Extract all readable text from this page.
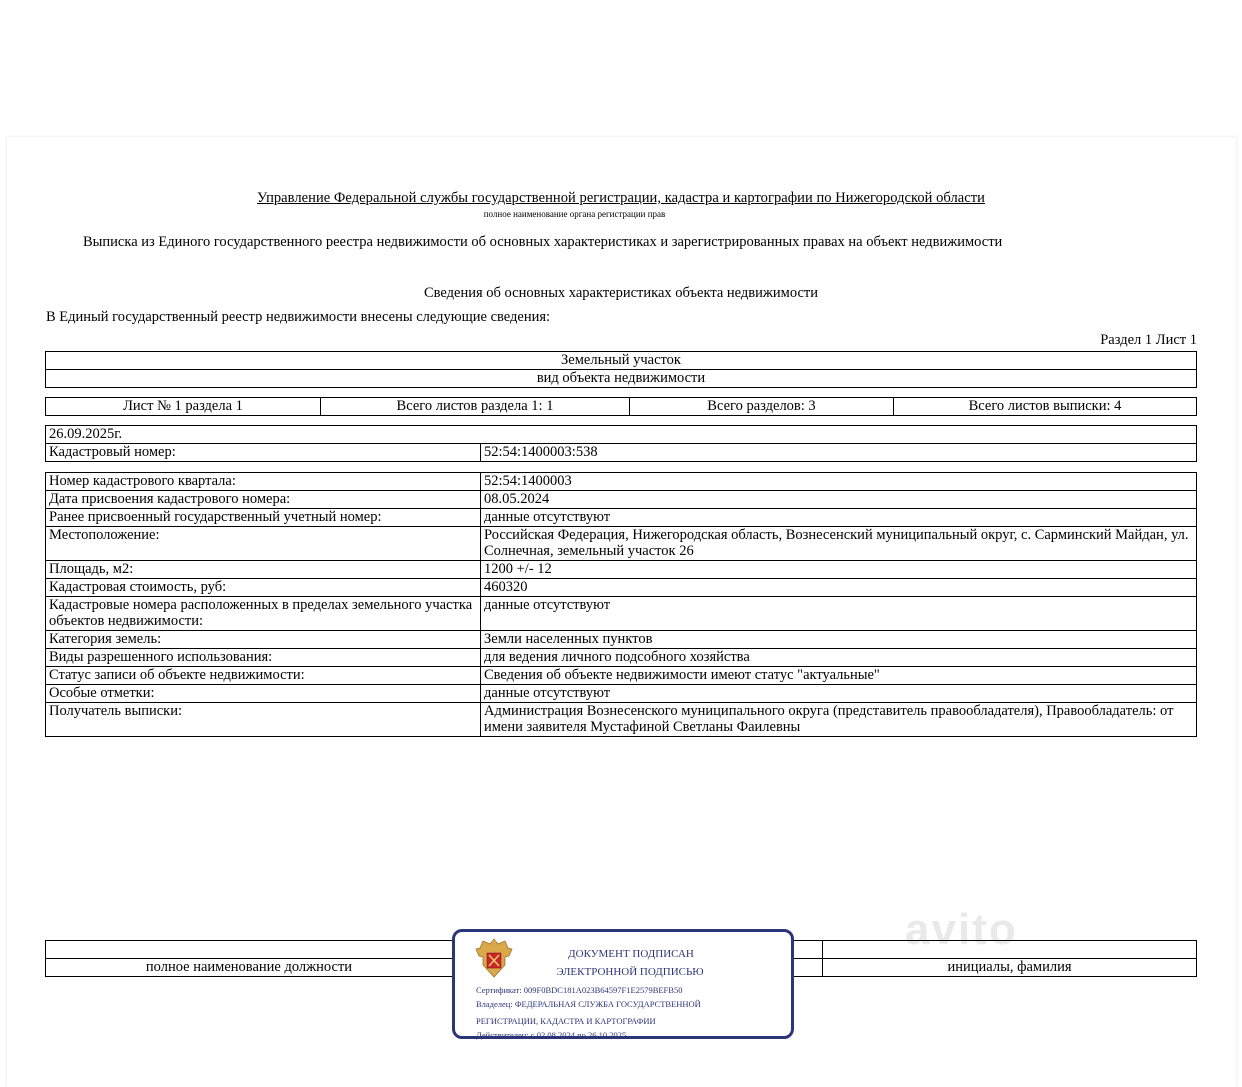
Управление Федеральной службы государственной регистрации, кадастра и картографии по Нижегородской области
полное наименование органа регистрации прав
Выписка из Единого государственного реестра недвижимости об основных характеристиках и зарегистрированных правах на объект недвижимости
Сведения об основных характеристиках объекта недвижимости
В Единый государственный реестр недвижимости внесены следующие сведения:
Раздел 1 Лист 1
Земельный участок
вид объекта недвижимости
Лист № 1 раздела 1	Всего листов раздела 1: 1	Всего разделов: 3	Всего листов выписки: 4
26.09.2025г.
Кадастровый номер:	52:54:1400003:538
Номер кадастрового квартала:	52:54:1400003
Дата присвоения кадастрового номера:	08.05.2024
Ранее присвоенный государственный учетный номер:	данные отсутствуют
Местоположение:	Российская Федерация, Нижегородская область, Вознесенский муниципальный округ, с. Сарминский Майдан, ул. Солнечная, земельный участок 26
Площадь, м2:	1200 +/- 12
Кадастровая стоимость, руб:	460320
Кадастровые номера расположенных в пределах земельного участка объектов недвижимости:	данные отсутствуют
Категория земель:	Земли населенных пунктов
Виды разрешенного использования:	для ведения личного подсобного хозяйства
Статус записи об объекте недвижимости:	Сведения об объекте недвижимости имеют статус "актуальные"
Особые отметки:	данные отсутствуют
Получатель выписки:	Администрация Вознесенского муниципального округа (представитель правообладателя), Правообладатель: от имени заявителя Мустафиной Светланы Фаилевны
avito

полное наименование должности		инициалы, фамилия
ДОКУМЕНТ ПОДПИСАН
ЭЛЕКТРОННОЙ ПОДПИСЬЮ
Сертификат: 009F0BDC181A023B64597F1E2579BEFB50
Владелец: ФЕДЕРАЛЬНАЯ СЛУЖБА ГОСУДАРСТВЕННОЙ
РЕГИСТРАЦИИ, КАДАСТРА И КАРТОГРАФИИ
Действителен: с 02.08.2024 по 26.10.2025
